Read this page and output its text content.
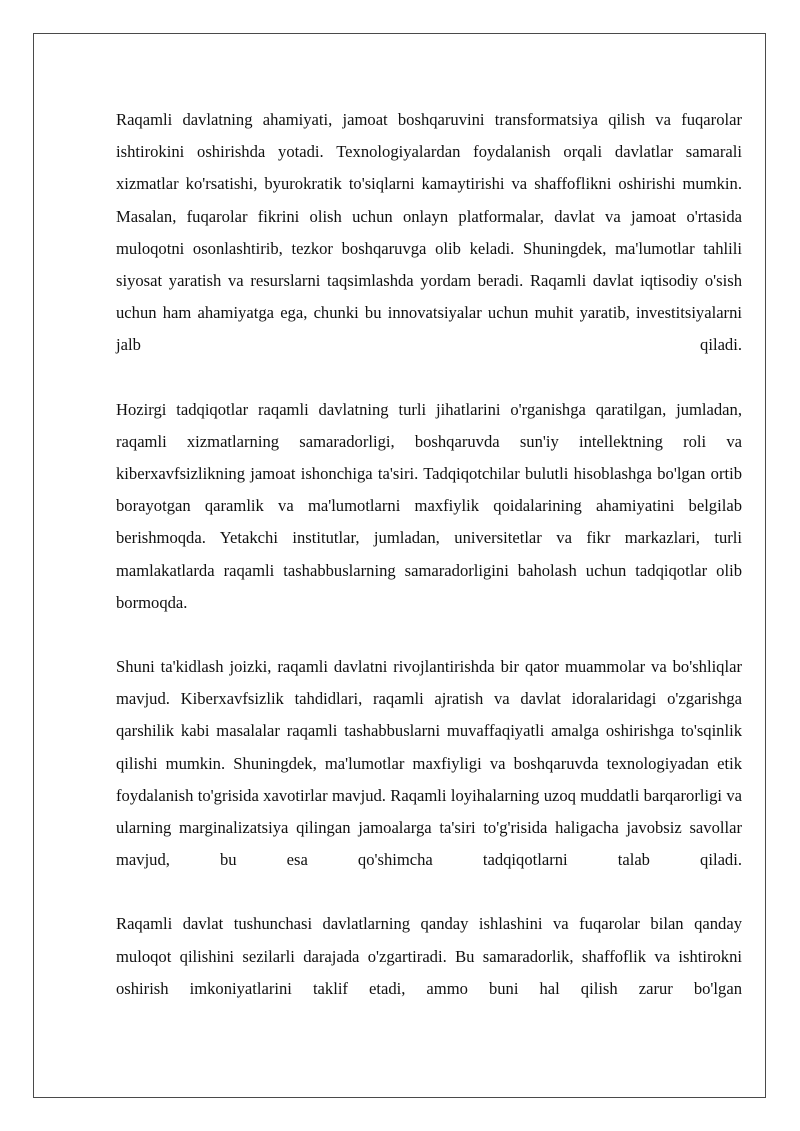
Raqamli davlatning ahamiyati, jamoat boshqaruvini transformatsiya qilish va fuqarolar ishtirokini oshirishda yotadi. Texnologiyalardan foydalanish orqali davlatlar samarali xizmatlar ko'rsatishi, byurokratik to'siqlarni kamaytirishi va shaffoflikni oshirishi mumkin. Masalan, fuqarolar fikrini olish uchun onlayn platformalar, davlat va jamoat o'rtasida muloqotni osonlashtirib, tezkor boshqaruvga olib keladi. Shuningdek, ma'lumotlar tahlili siyosat yaratish va resurslarni taqsimlashda yordam beradi. Raqamli davlat iqtisodiy o'sish uchun ham ahamiyatga ega, chunki bu innovatsiyalar uchun muhit yaratib, investitsiyalarni jalb qiladi.

Hozirgi tadqiqotlar raqamli davlatning turli jihatlarini o'rganishga qaratilgan, jumladan, raqamli xizmatlarning samaradorligi, boshqaruvda sun'iy intellektning roli va kiberxavfsizlikning jamoat ishonchiga ta'siri. Tadqiqotchilar bulutli hisoblashga bo'lgan ortib borayotgan qaramlik va ma'lumotlarni maxfiylik qoidalarining ahamiyatini belgilab berishmoqda. Yetakchi institutlar, jumladan, universitetlar va fikr markazlari, turli mamlakatlarda raqamli tashabbuslarning samaradorligini baholash uchun tadqiqotlar olib bormoqda.

Shuni ta'kidlash joizki, raqamli davlatni rivojlantirishda bir qator muammolar va bo'shliqlar mavjud. Kiberxavfsizlik tahdidlari, raqamli ajratish va davlat idoralaridagi o'zgarishga qarshilik kabi masalalar raqamli tashabbuslarni muvaffaqiyatli amalga oshirishga to'sqinlik qilishi mumkin. Shuningdek, ma'lumotlar maxfiyligi va boshqaruvda texnologiyadan etik foydalanish to'grisida xavotirlar mavjud. Raqamli loyihalarning uzoq muddatli barqarorligi va ularning marginalizatsiya qilingan jamoalarga ta'siri to'g'risida haligacha javobsiz savollar mavjud, bu esa qo'shimcha tadqiqotlarni talab qiladi.

Raqamli davlat tushunchasi davlatlarning qanday ishlashini va fuqarolar bilan qanday muloqot qilishini sezilarli darajada o'zgartiradi. Bu samaradorlik, shaffoflik va ishtirokni oshirish imkoniyatlarini taklif etadi, ammo buni hal qilish zarur bo'lgan
